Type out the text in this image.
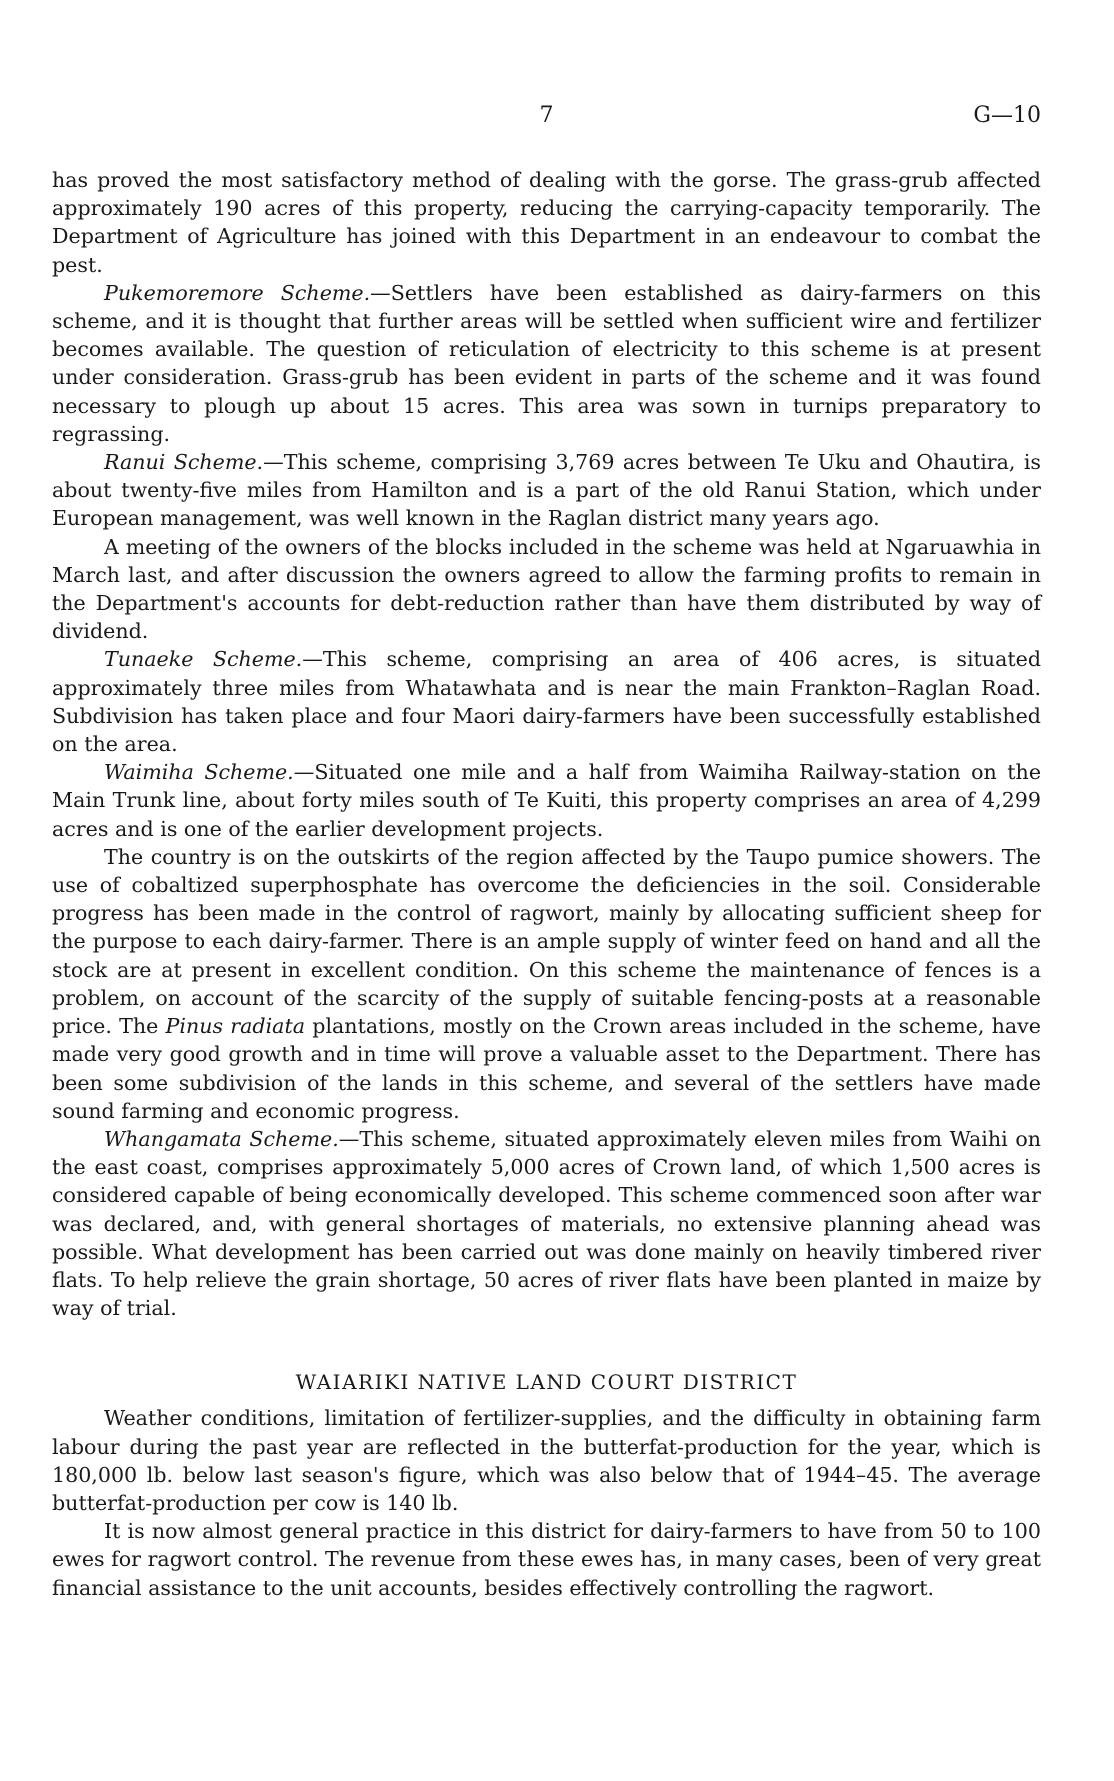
7	G—10

has proved the most satisfactory method of dealing with the gorse. The grass-grub affected approximately 190 acres of this property, reducing the carrying-capacity temporarily. The Department of Agriculture has joined with this Department in an endeavour to combat the pest.

Pukemoremore Scheme.—Settlers have been established as dairy-farmers on this scheme, and it is thought that further areas will be settled when sufficient wire and fertilizer becomes available. The question of reticulation of electricity to this scheme is at present under consideration. Grass-grub has been evident in parts of the scheme and it was found necessary to plough up about 15 acres. This area was sown in turnips preparatory to regrassing.

Ranui Scheme.—This scheme, comprising 3,769 acres between Te Uku and Ohautira, is about twenty-five miles from Hamilton and is a part of the old Ranui Station, which under European management, was well known in the Raglan district many years ago.

A meeting of the owners of the blocks included in the scheme was held at Ngaruawhia in March last, and after discussion the owners agreed to allow the farming profits to remain in the Department's accounts for debt-reduction rather than have them distributed by way of dividend.

Tunaeke Scheme.—This scheme, comprising an area of 406 acres, is situated approximately three miles from Whatawhata and is near the main Frankton–Raglan Road. Subdivision has taken place and four Maori dairy-farmers have been successfully established on the area.

Waimiha Scheme.—Situated one mile and a half from Waimiha Railway-station on the Main Trunk line, about forty miles south of Te Kuiti, this property comprises an area of 4,299 acres and is one of the earlier development projects.

The country is on the outskirts of the region affected by the Taupo pumice showers. The use of cobaltized superphosphate has overcome the deficiencies in the soil. Considerable progress has been made in the control of ragwort, mainly by allocating sufficient sheep for the purpose to each dairy-farmer. There is an ample supply of winter feed on hand and all the stock are at present in excellent condition. On this scheme the maintenance of fences is a problem, on account of the scarcity of the supply of suitable fencing-posts at a reasonable price. The Pinus radiata plantations, mostly on the Crown areas included in the scheme, have made very good growth and in time will prove a valuable asset to the Department. There has been some subdivision of the lands in this scheme, and several of the settlers have made sound farming and economic progress.

Whangamata Scheme.—This scheme, situated approximately eleven miles from Waihi on the east coast, comprises approximately 5,000 acres of Crown land, of which 1,500 acres is considered capable of being economically developed. This scheme commenced soon after war was declared, and, with general shortages of materials, no extensive planning ahead was possible. What development has been carried out was done mainly on heavily timbered river flats. To help relieve the grain shortage, 50 acres of river flats have been planted in maize by way of trial.

WAIARIKI NATIVE LAND COURT DISTRICT

Weather conditions, limitation of fertilizer-supplies, and the difficulty in obtaining farm labour during the past year are reflected in the butterfat-production for the year, which is 180,000 lb. below last season's figure, which was also below that of 1944–45. The average butterfat-production per cow is 140 lb.

It is now almost general practice in this district for dairy-farmers to have from 50 to 100 ewes for ragwort control. The revenue from these ewes has, in many cases, been of very great financial assistance to the unit accounts, besides effectively controlling the ragwort.
